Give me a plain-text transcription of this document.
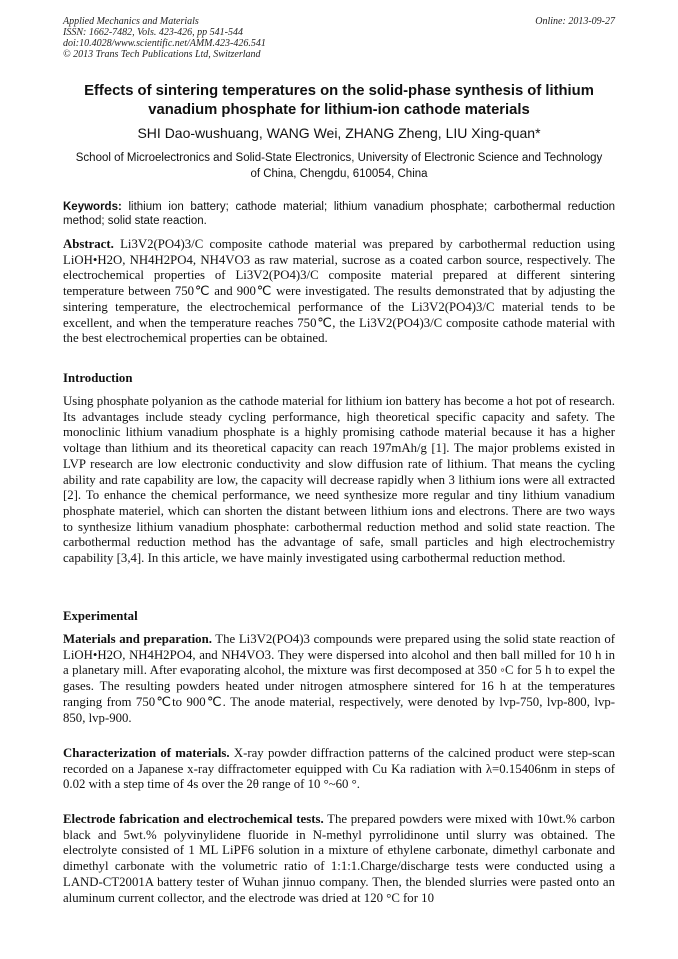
Applied Mechanics and Materials
ISSN: 1662-7482, Vols. 423-426, pp 541-544
doi:10.4028/www.scientific.net/AMM.423-426.541
© 2013 Trans Tech Publications Ltd, Switzerland
Online: 2013-09-27
Effects of sintering temperatures on the solid-phase synthesis of lithium vanadium phosphate for lithium-ion cathode materials
SHI Dao-wushuang, WANG Wei, ZHANG Zheng, LIU Xing-quan*
School of Microelectronics and Solid-State Electronics, University of Electronic Science and Technology of China, Chengdu, 610054, China
Keywords: lithium ion battery; cathode material; lithium vanadium phosphate; carbothermal reduction method; solid state reaction.
Abstract. Li3V2(PO4)3/C composite cathode material was prepared by carbothermal reduction using LiOH•H2O, NH4H2PO4, NH4VO3 as raw material, sucrose as a coated carbon source, respectively. The electrochemical properties of Li3V2(PO4)3/C composite material prepared at different sintering temperature between 750℃ and 900℃ were investigated. The results demonstrated that by adjusting the sintering temperature, the electrochemical performance of the Li3V2(PO4)3/C material tends to be excellent, and when the temperature reaches 750℃, the Li3V2(PO4)3/C composite cathode material with the best electrochemical properties can be obtained.
Introduction
Using phosphate polyanion as the cathode material for lithium ion battery has become a hot pot of research. Its advantages include steady cycling performance, high theoretical specific capacity and safety. The monoclinic lithium vanadium phosphate is a highly promising cathode material because it has a higher voltage than lithium and its theoretical capacity can reach 197mAh/g [1]. The major problems existed in LVP research are low electronic conductivity and slow diffusion rate of lithium. That means the cycling ability and rate capability are low, the capacity will decrease rapidly when 3 lithium ions were all extracted [2]. To enhance the chemical performance, we need synthesize more regular and tiny lithium vanadium phosphate materiel, which can shorten the distant between lithium ions and electrons. There are two ways to synthesize lithium vanadium phosphate: carbothermal reduction method and solid state reaction. The carbothermal reduction method has the advantage of safe, small particles and high electrochemistry capability [3,4]. In this article, we have mainly investigated using carbothermal reduction method.
Experimental
Materials and preparation. The Li3V2(PO4)3 compounds were prepared using the solid state reaction of LiOH•H2O, NH4H2PO4, and NH4VO3. They were dispersed into alcohol and then ball milled for 10 h in a planetary mill. After evaporating alcohol, the mixture was first decomposed at 350 ◦C for 5 h to expel the gases. The resulting powders heated under nitrogen atmosphere sintered for 16 h at the temperatures ranging from 750℃to 900℃. The anode material, respectively, were denoted by lvp-750, lvp-800, lvp-850, lvp-900.
Characterization of materials. X-ray powder diffraction patterns of the calcined product were step-scan recorded on a Japanese x-ray diffractometer equipped with Cu Ka radiation with λ=0.15406nm in steps of 0.02 with a step time of 4s over the 2θ range of 10 °~60 °.
Electrode fabrication and electrochemical tests. The prepared powders were mixed with 10wt.% carbon black and 5wt.% polyvinylidene fluoride in N-methyl pyrrolidinone until slurry was obtained. The electrolyte consisted of 1 ML LiPF6 solution in a mixture of ethylene carbonate, dimethyl carbonate and dimethyl carbonate with the volumetric ratio of 1:1:1.Charge/discharge tests were conducted using a LAND-CT2001A battery tester of Wuhan jinnuo company. Then, the blended slurries were pasted onto an aluminum current collector, and the electrode was dried at 120 °C for 10
